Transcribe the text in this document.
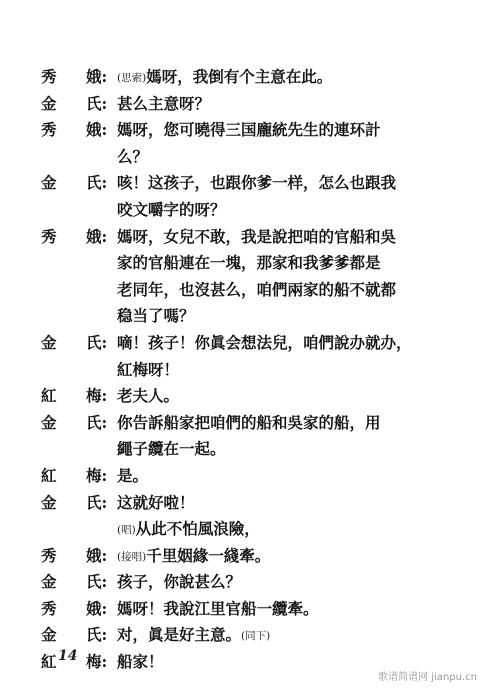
秀 娥: (思索)媽呀，我倒有个主意在此。
金 氏: 甚么主意呀？
秀 娥: 媽呀，您可曉得三国龐統先生的連环計
么？
金 氏: 咳！这孩子，也跟你爹一样，怎么也跟我
咬文嚼字的呀？
秀 娥: 媽呀，女兒不敢，我是說把咱的官船和吳
家的官船連在一塊，那家和我爹爹都是
老同年，也沒甚么，咱們兩家的船不就都
稳当了嗎？
金 氏: 嘀！孩子！你眞会想法兒，咱們說办就办，
紅梅呀！
紅 梅: 老夫人。
金 氏: 你告訴船家把咱們的船和吳家的船，用
繩子纜在一起。
紅 梅: 是。
金 氏: 这就好啦！
(唱)从此不怕風浪險，
秀 娥: (接唱)千里姻緣一綫牽。
金 氏: 孩子，你說甚么？
秀 娥: 媽呀！我說江里官船一纜牽。
金 氏: 对，眞是好主意。(同下)
紅 梅: 船家！
14
歌谱简谱网 jianpu.cn
